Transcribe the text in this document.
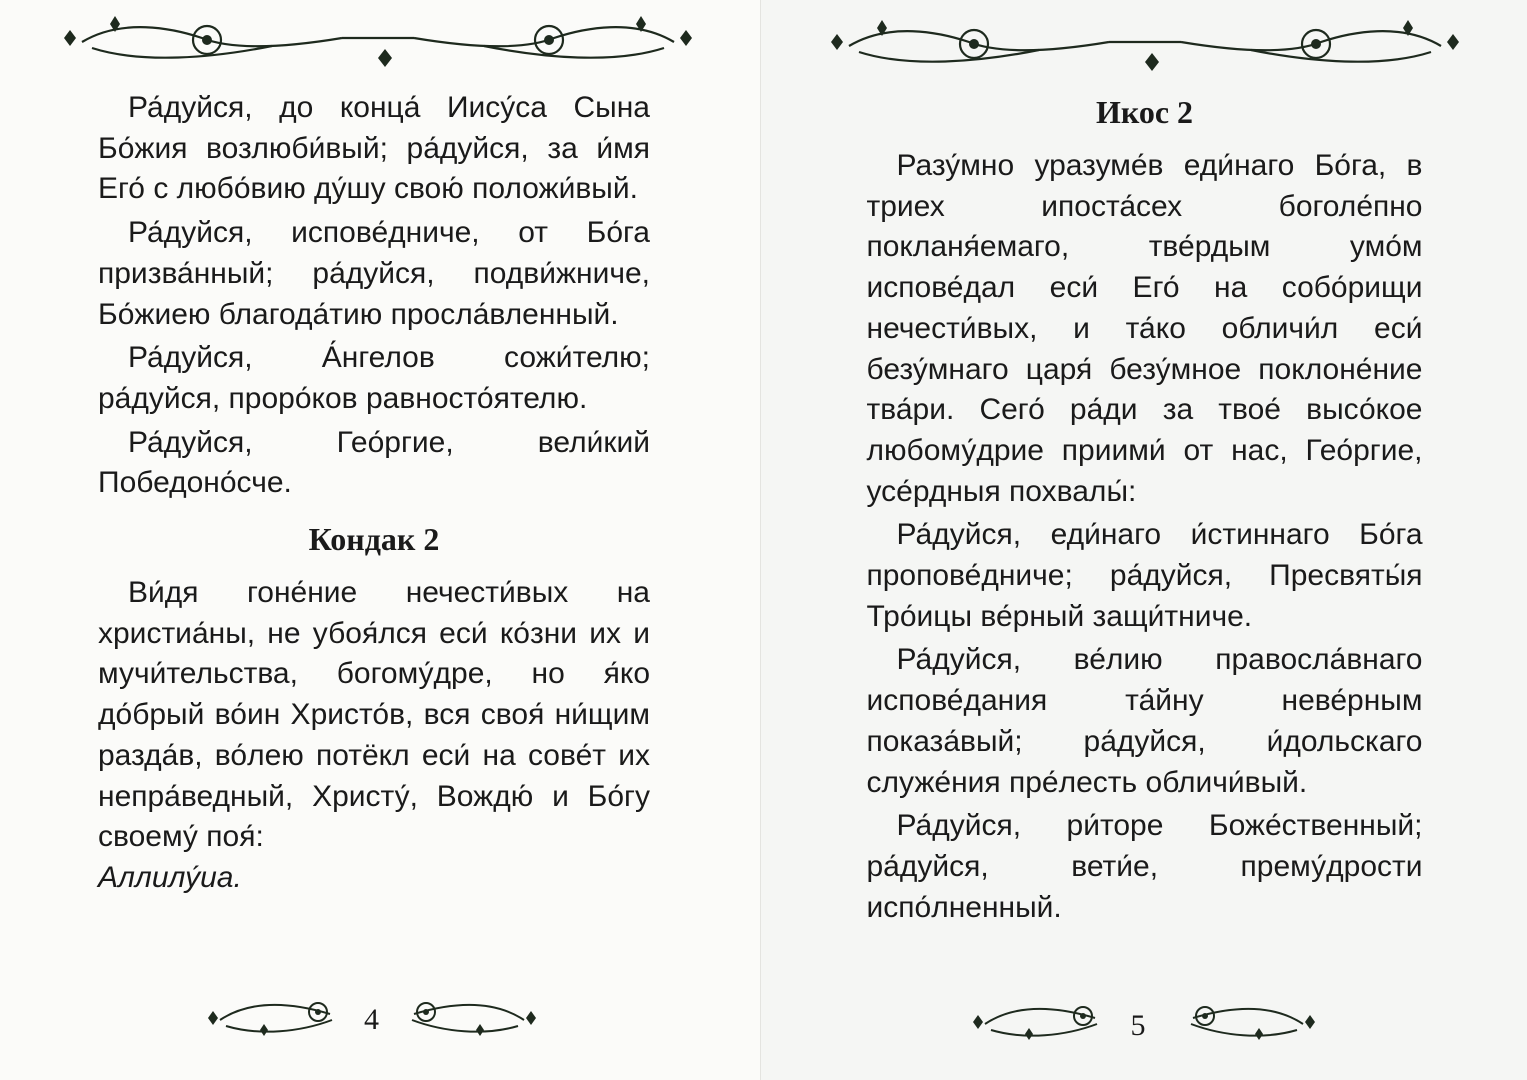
Ра́дуйся, до конца́ Иису́са Сына Бо́жия возлюби́вый; ра́дуйся, за и́мя Его́ с любо́вию ду́шу свою́ положи́вый.

Ра́дуйся, испове́дниче, от Бо́га призва́нный; ра́дуйся, подви́жниче, Бо́жиею благода́тию просла́вленный.

Ра́дуйся, А́нгелов сожи́телю; ра́дуйся, проро́ков равносто́ятелю.

Ра́дуйся, Гео́ргие, вели́кий Победоно́сче.

Кондак 2

Ви́дя гоне́ние нечести́вых на христиа́ны, не убоя́лся еси́ ко́зни их и мучи́тельства, богому́дре, но я́ко до́брый во́ин Христо́в, вся своя́ ни́щим разда́в, во́лею потёкл еси́ на сове́т их непра́ведный, Христу́, Вождю́ и Бо́гу своему́ поя́:

Аллилу́иа.

4
Икос 2

Разу́мно уразуме́в еди́наго Бо́га, в триех ипоста́сех боголе́пно покланя́емаго, тве́рдым умо́м испове́дал еси́ Его́ на собо́рищи нечести́вых, и та́ко обличи́л еси́ безу́мнаго царя́ безу́мное поклоне́ние тва́ри. Сего́ ра́ди за твое́ высо́кое любому́дрие приими́ от нас, Гео́ргие, усе́рдныя похвалы́:

Ра́дуйся, еди́наго и́стиннаго Бо́га пропове́дниче; ра́дуйся, Пресвяты́я Тро́ицы ве́рный защи́тниче.

Ра́дуйся, ве́лию правосла́внаго испове́дания та́йну неве́рным показа́вый; ра́дуйся, и́дольскаго служе́ния пре́лесть обличи́вый.

Ра́дуйся, ри́торе Боже́ственный; ра́дуйся, вети́е, прему́дрости испо́лненный.

5
